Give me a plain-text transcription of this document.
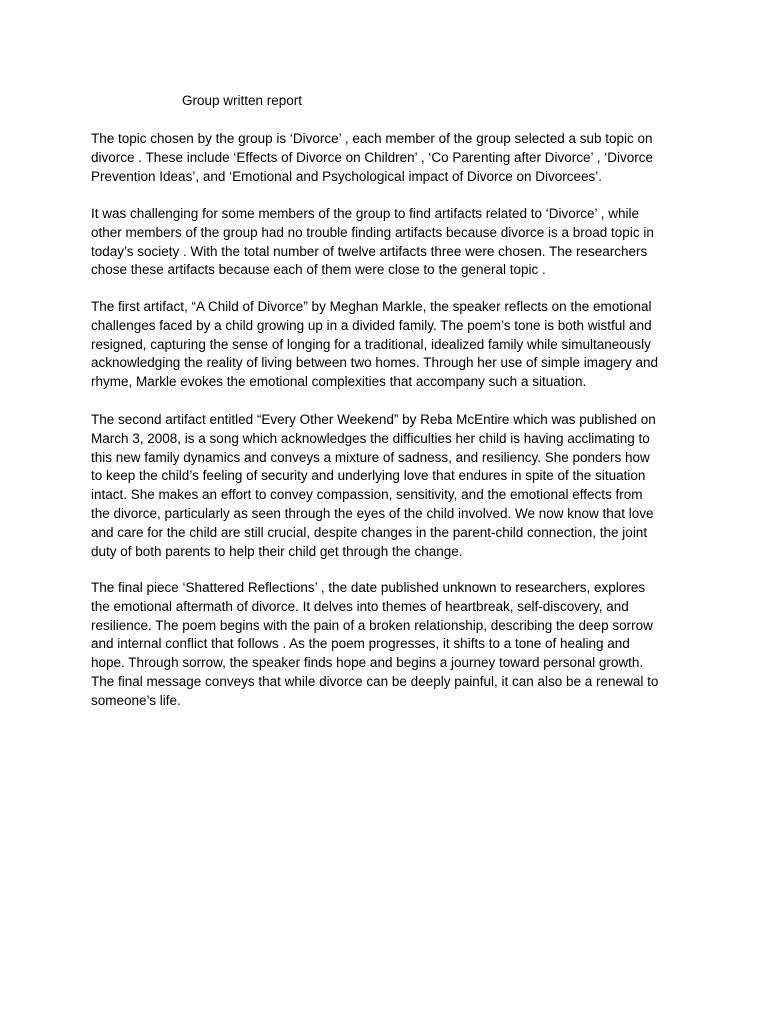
Group written report

The topic chosen by the group is ‘Divorce’ , each member of the group selected a sub topic on
divorce . These include ‘Effects of Divorce on Children’ , ‘Co Parenting after Divorce’ , ‘Divorce
Prevention Ideas’, and ‘Emotional and Psychological impact of Divorce on Divorcees’.

It was challenging for some members of the group to find artifacts related to ‘Divorce’ , while
other members of the group had no trouble finding artifacts because divorce is a broad topic in
today’s society . With the total number of twelve artifacts three were chosen. The researchers
chose these artifacts because each of them were close to the general topic .

The first artifact, “A Child of Divorce” by Meghan Markle, the speaker reflects on the emotional
challenges faced by a child growing up in a divided family. The poem’s tone is both wistful and
resigned, capturing the sense of longing for a traditional, idealized family while simultaneously
acknowledging the reality of living between two homes. Through her use of simple imagery and
rhyme, Markle evokes the emotional complexities that accompany such a situation.

The second artifact entitled “Every Other Weekend” by Reba McEntire which was published on
March 3, 2008, is a song which acknowledges the difficulties her child is having acclimating to
this new family dynamics and conveys a mixture of sadness, and resiliency. She ponders how
to keep the child’s feeling of security and underlying love that endures in spite of the situation
intact. She makes an effort to convey compassion, sensitivity, and the emotional effects from
the divorce, particularly as seen through the eyes of the child involved. We now know that love
and care for the child are still crucial, despite changes in the parent-child connection, the joint
duty of both parents to help their child get through the change.

The final piece ‘Shattered Reflections’ , the date published unknown to researchers, explores
the emotional aftermath of divorce. It delves into themes of heartbreak, self-discovery, and
resilience. The poem begins with the pain of a broken relationship, describing the deep sorrow
and internal conflict that follows . As the poem progresses, it shifts to a tone of healing and
hope. Through sorrow, the speaker finds hope and begins a journey toward personal growth.
The final message conveys that while divorce can be deeply painful, it can also be a renewal to
someone’s life.
